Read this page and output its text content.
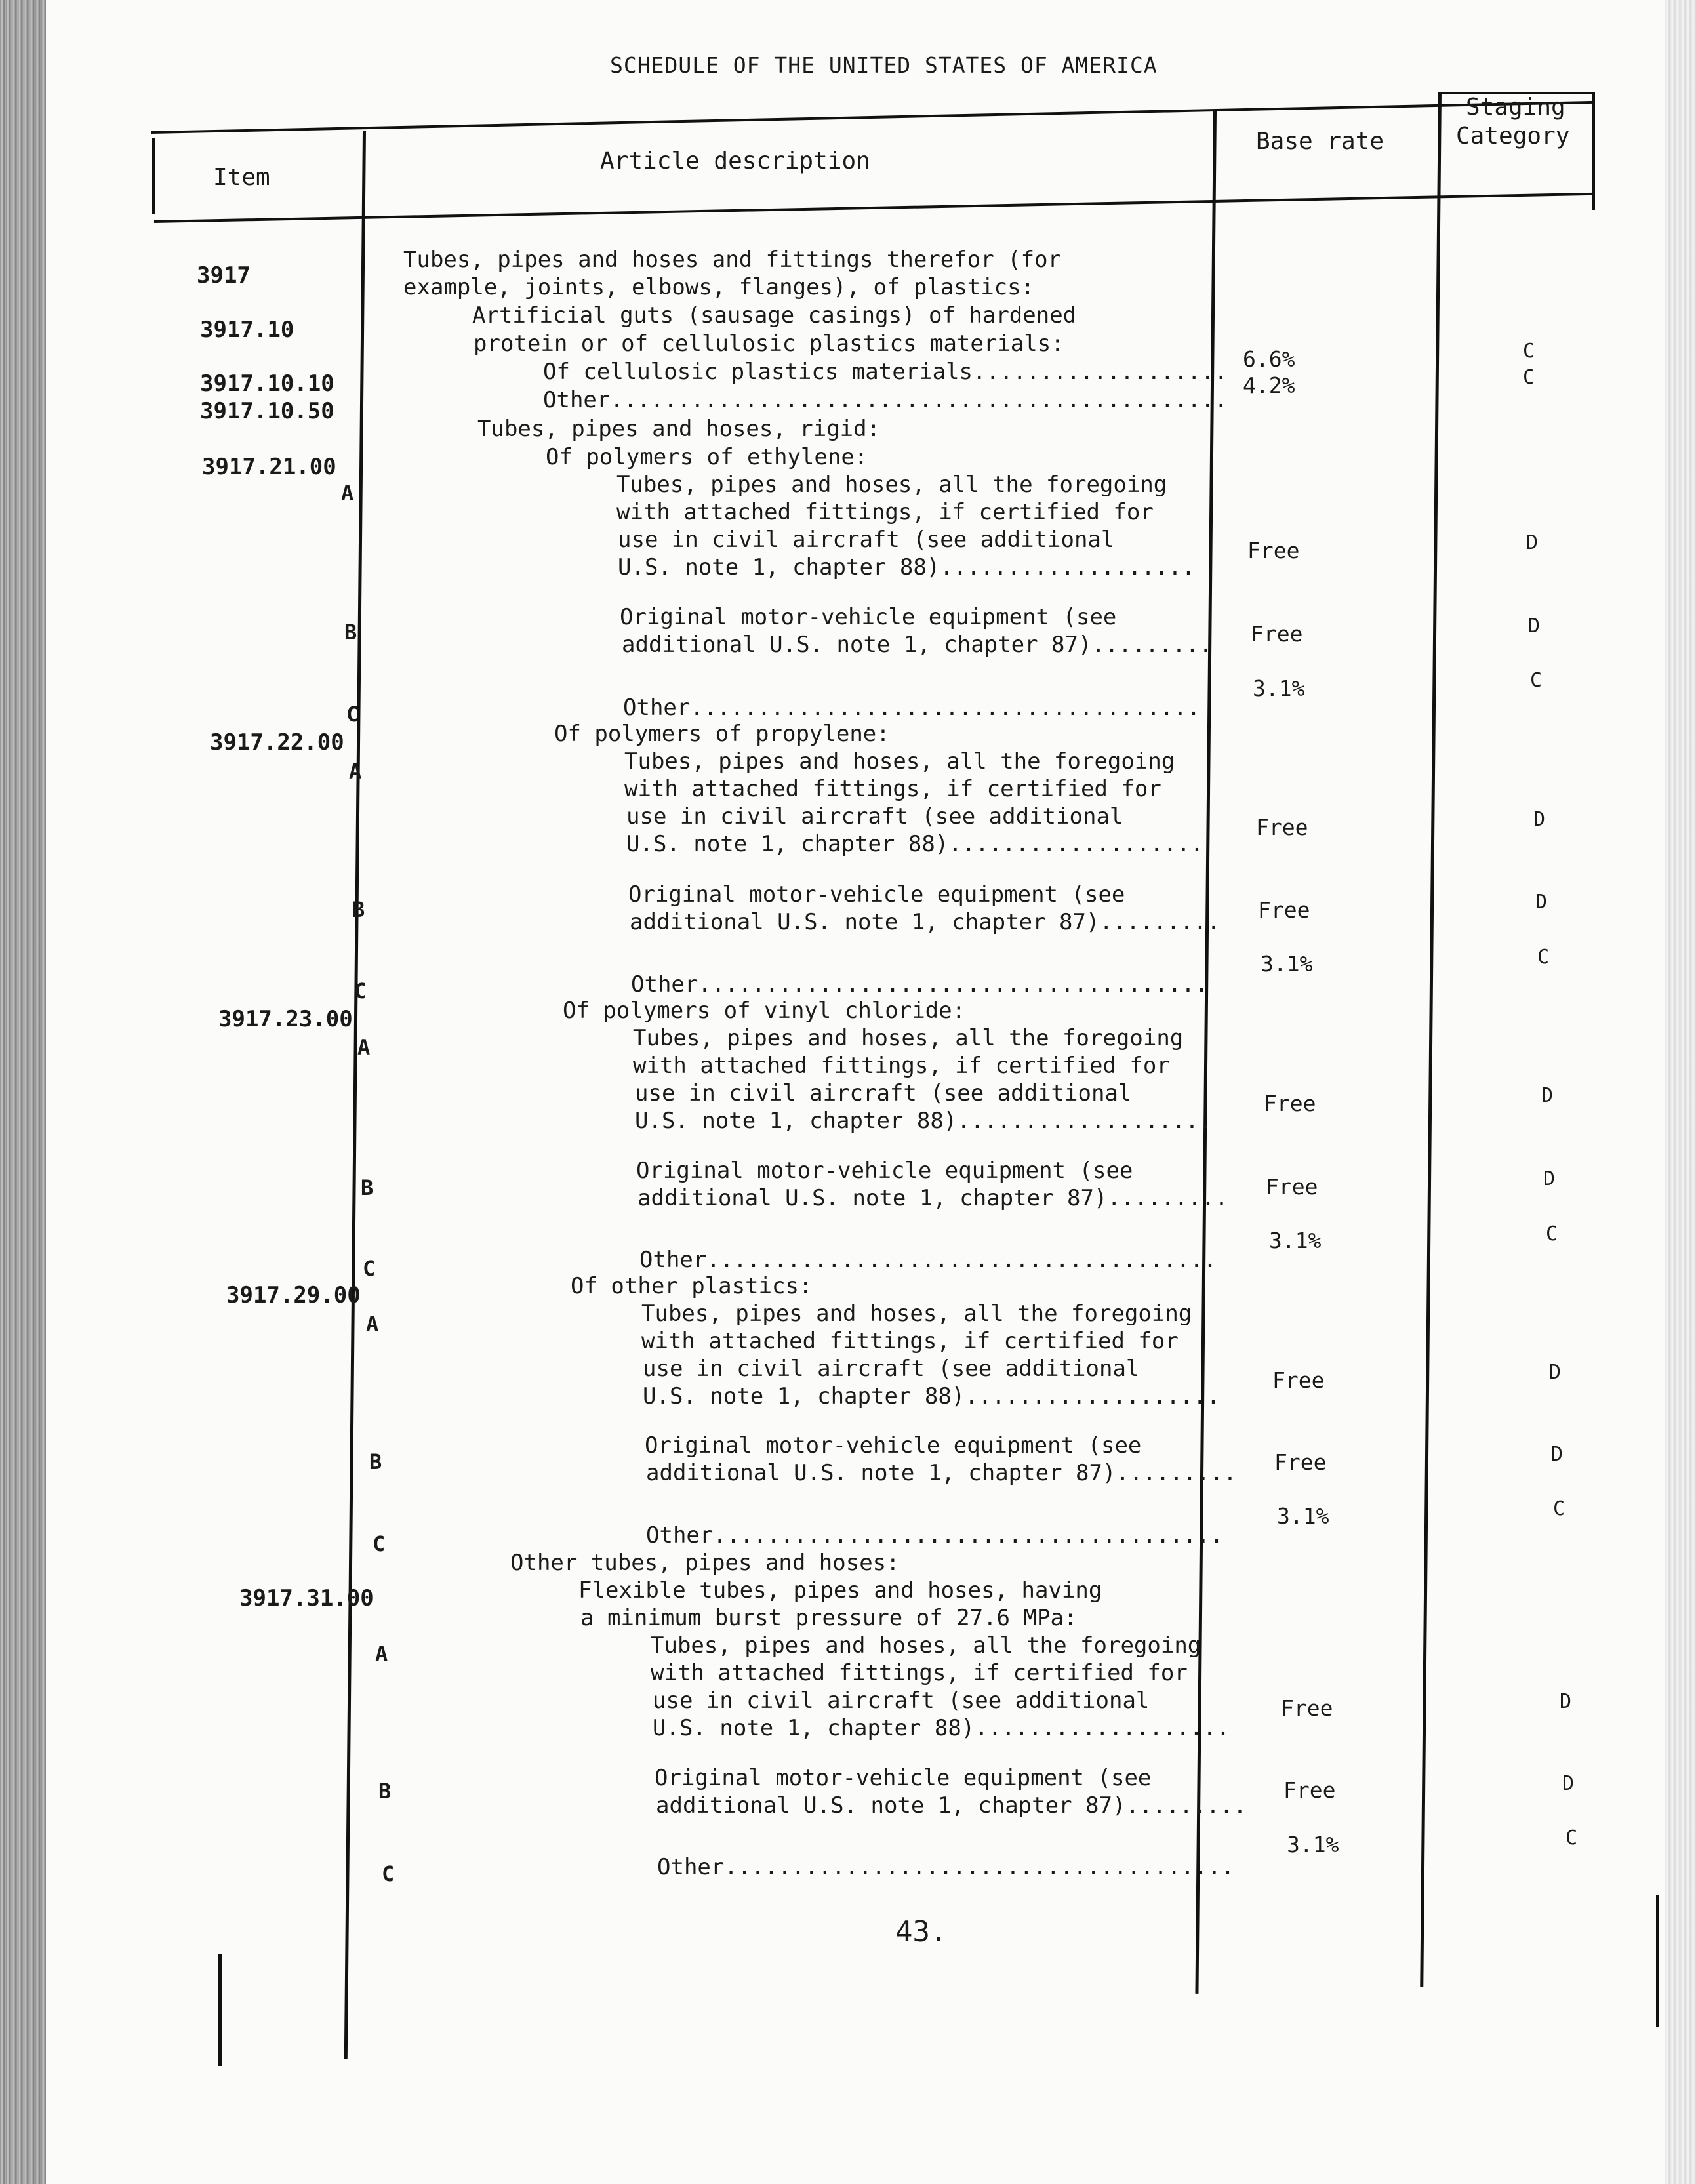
SCHEDULE OF THE UNITED STATES OF AMERICA
Item
Article description
Base rate
Staging
Category
3917
3917.10
3917.10.10
3917.10.50
3917.21.00
3917.22.00
3917.23.00
3917.29.00
3917.31.00
A
B
C
A
B
C
A
B
C
A
B
C
A
B
C
Tubes, pipes and hoses and fittings therefor (for
example, joints, elbows, flanges), of plastics:
Artificial guts (sausage casings) of hardened
protein or of cellulosic plastics materials:
Of cellulosic plastics materials...................
Other..............................................
Tubes, pipes and hoses, rigid:
Of polymers of ethylene:
Tubes, pipes and hoses, all the foregoing
with attached fittings, if certified for
use in civil aircraft (see additional
U.S. note 1, chapter 88)...................
Original motor-vehicle equipment (see
additional U.S. note 1, chapter 87).........
Other......................................
Of polymers of propylene:
Tubes, pipes and hoses, all the foregoing
with attached fittings, if certified for
use in civil aircraft (see additional
U.S. note 1, chapter 88)...................
Original motor-vehicle equipment (see
additional U.S. note 1, chapter 87).........
Other......................................
Of polymers of vinyl chloride:
Tubes, pipes and hoses, all the foregoing
with attached fittings, if certified for
use in civil aircraft (see additional
U.S. note 1, chapter 88)...................
Original motor-vehicle equipment (see
additional U.S. note 1, chapter 87).........
Other......................................
Of other plastics:
Tubes, pipes and hoses, all the foregoing
with attached fittings, if certified for
use in civil aircraft (see additional
U.S. note 1, chapter 88)...................
Original motor-vehicle equipment (see
additional U.S. note 1, chapter 87).........
Other......................................
Other tubes, pipes and hoses:
Flexible tubes, pipes and hoses, having
a minimum burst pressure of 27.6 MPa:
Tubes, pipes and hoses, all the foregoing
with attached fittings, if certified for
use in civil aircraft (see additional
U.S. note 1, chapter 88)...................
Original motor-vehicle equipment (see
additional U.S. note 1, chapter 87).........
Other......................................
6.6%
4.2%
Free
Free
3.1%
Free
Free
3.1%
Free
Free
3.1%
Free
Free
3.1%
Free
Free
3.1%
C
C
D
D
C
D
D
C
D
D
C
D
D
C
D
D
C
43.
